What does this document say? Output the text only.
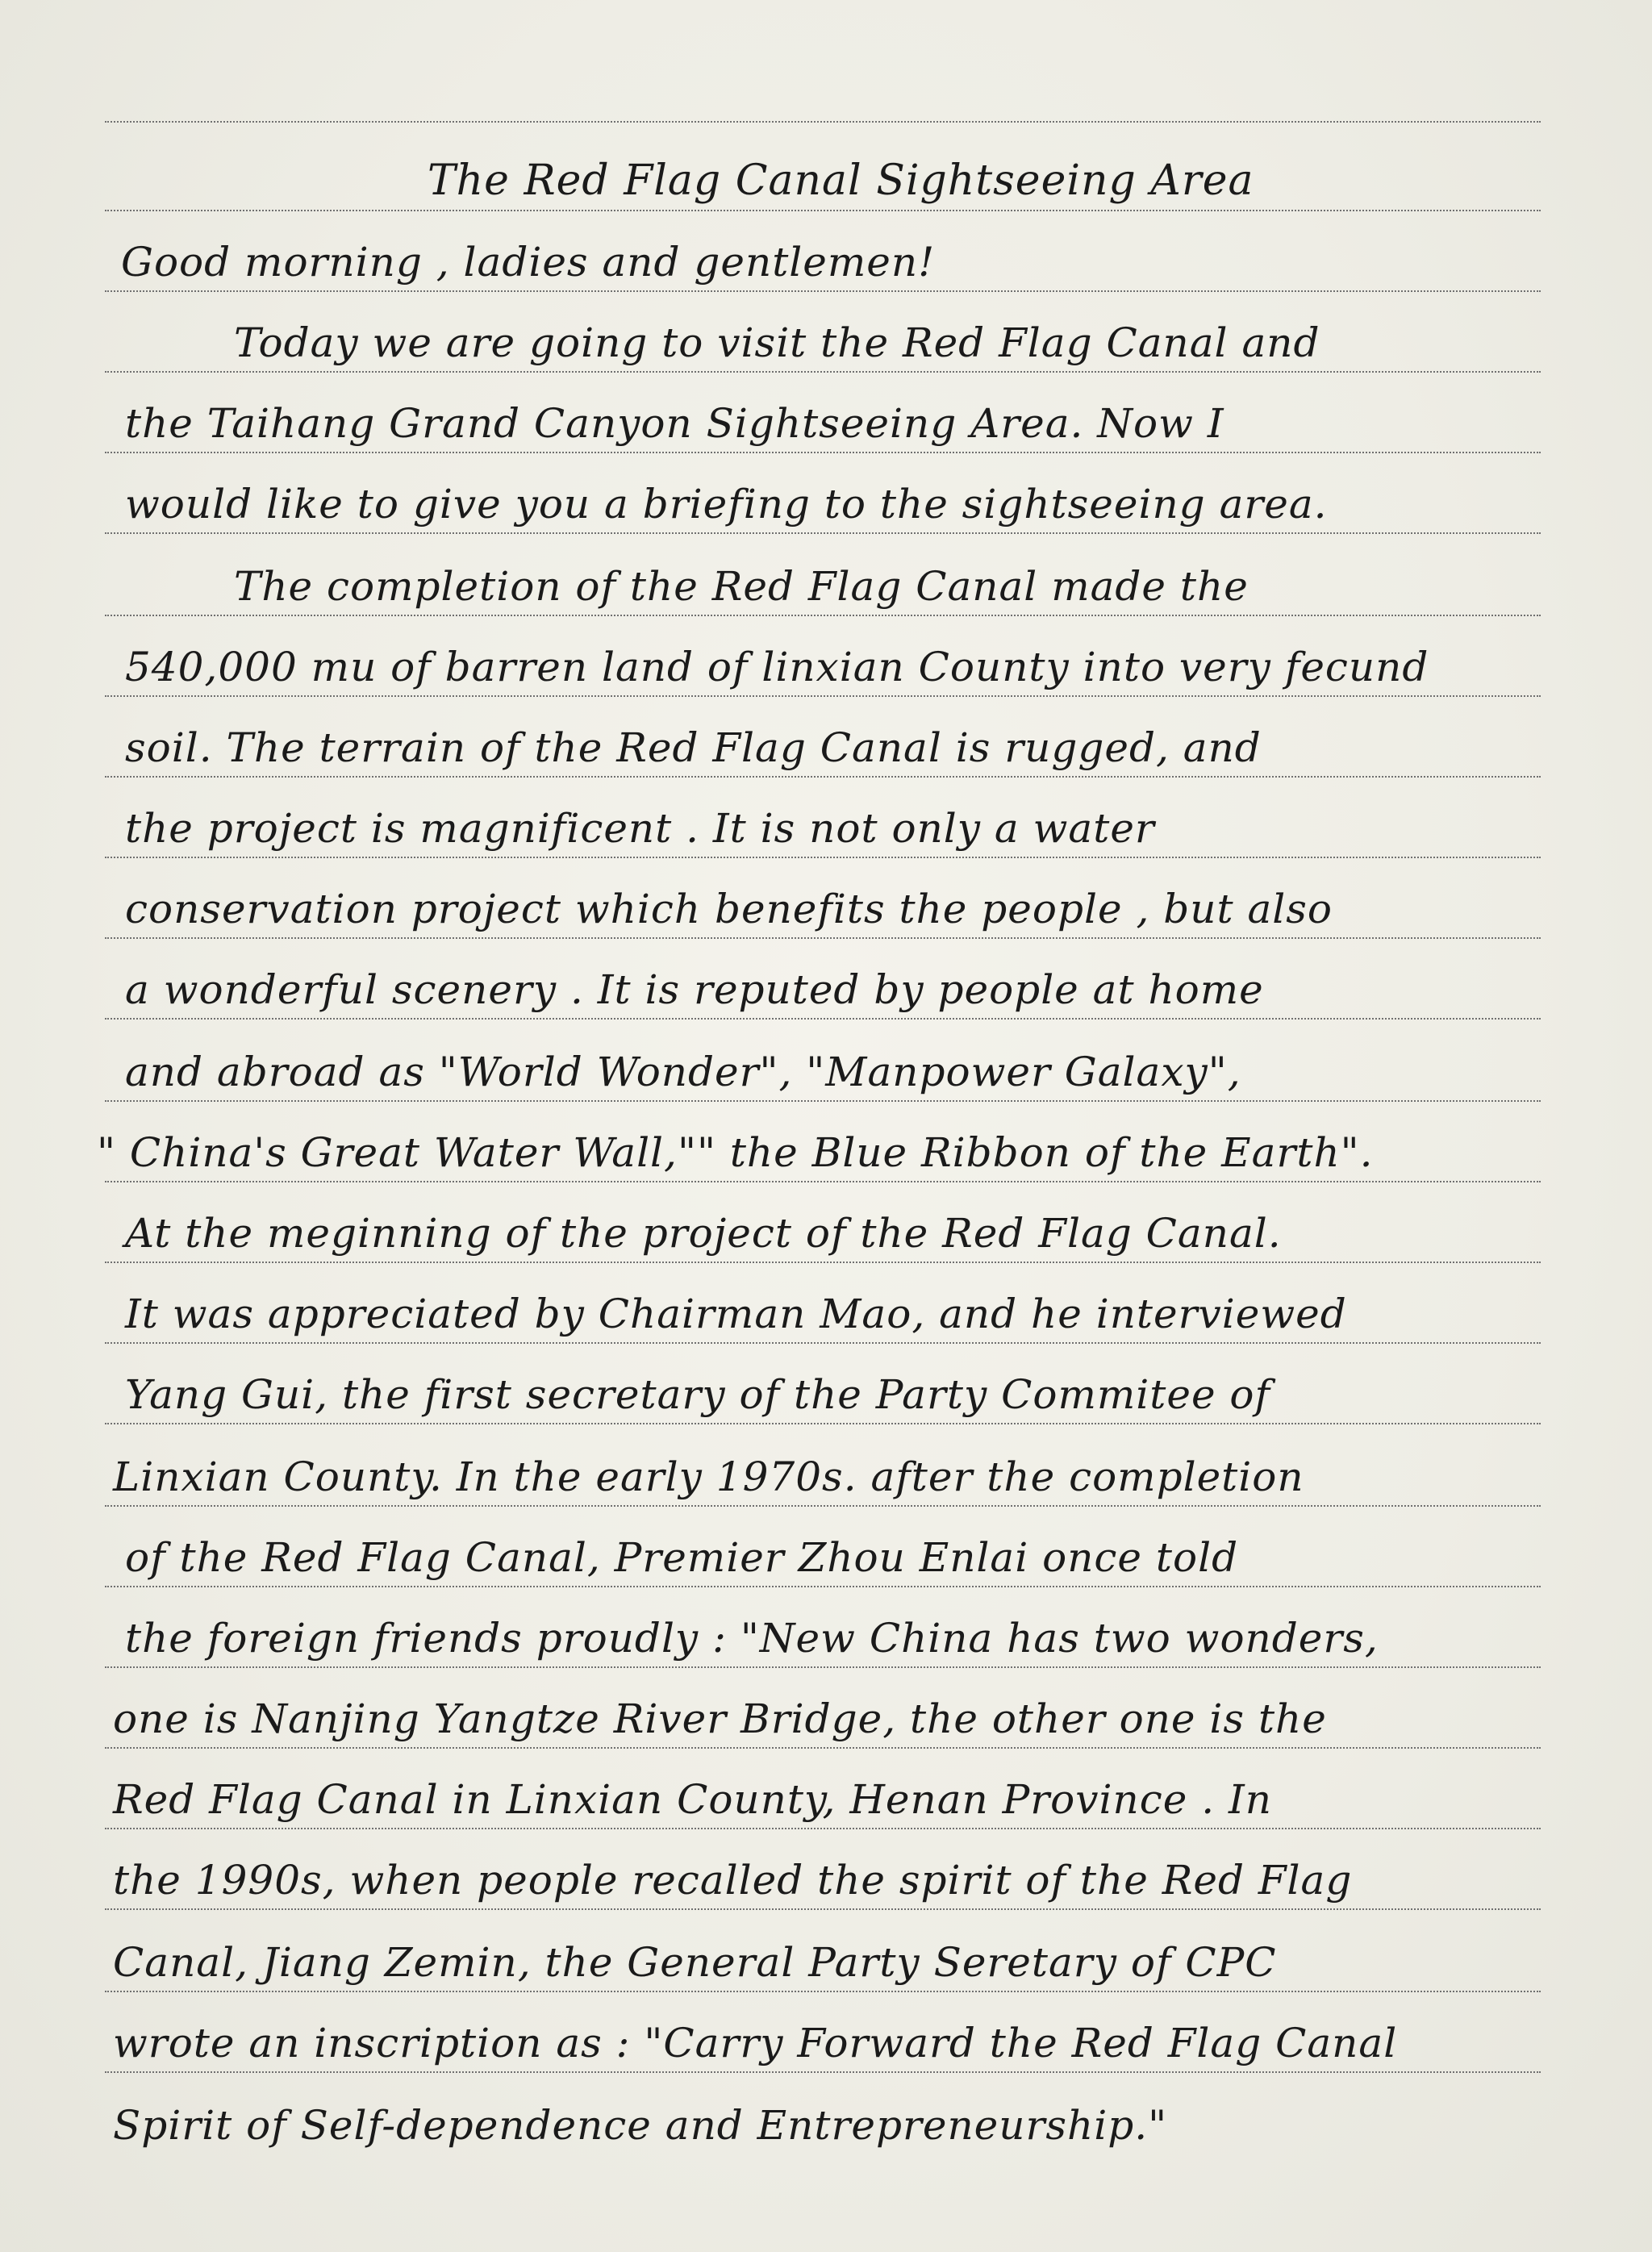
The Red Flag Canal Sightseeing Area
Good morning , ladies and gentlemen!
Today we are going to visit the Red Flag Canal and
the Taihang Grand Canyon Sightseeing Area. Now I
would like to give you a briefing to the sightseeing area.
The completion of the Red Flag Canal made the
540,000 mu of barren land of linxian County into very fecund
soil. The terrain of the Red Flag Canal is rugged, and
the project is magnificent . It is not only a water
conservation project which benefits the people , but also
a wonderful scenery . It is reputed by people at home
and abroad as "World Wonder", "Manpower Galaxy",
" China's Great Water Wall,"" the Blue Ribbon of the Earth".
At the meginning of the project of the Red Flag Canal.
It was appreciated by Chairman Mao, and he interviewed
Yang Gui, the first secretary of the Party Commitee of
Linxian County. In the early 1970s. after the completion
of the Red Flag Canal, Premier Zhou Enlai once told
the foreign friends proudly : "New China has two wonders,
one is Nanjing Yangtze River Bridge, the other one is the
Red Flag Canal in Linxian County, Henan Province . In
the 1990s, when people recalled the spirit of the Red Flag
Canal, Jiang Zemin, the General Party Seretary of CPC
wrote an inscription as : "Carry Forward the Red Flag Canal
Spirit of Self-dependence and Entrepreneurship."
